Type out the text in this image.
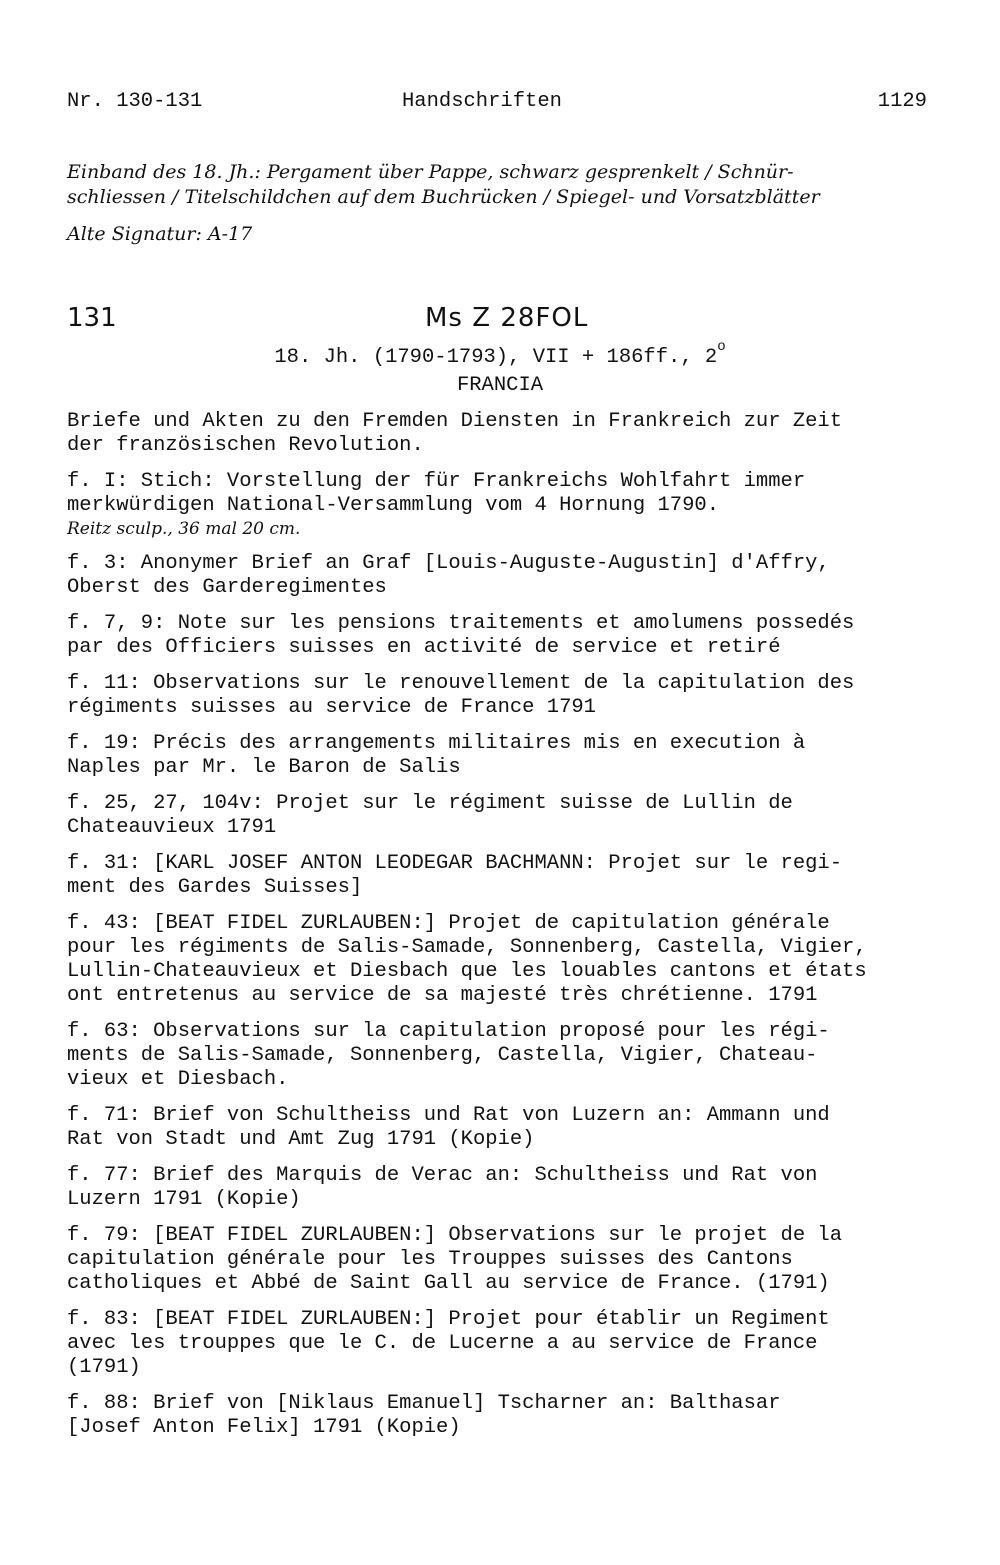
Nr. 130-131	Handschriften	1129
Einband des 18. Jh.: Pergament über Pappe, schwarz gesprenkelt / Schnür-
schliessen / Titelschildchen auf dem Buchrücken / Spiegel- und Vorsatzblätter
Alte Signatur: A-17
131	Ms Z 28FOL
18. Jh. (1790-1793), VII + 186ff., 2$^o$
FRANCIA
Briefe und Akten zu den Fremden Diensten in Frankreich zur Zeit
der französischen Revolution.
f. I: Stich: Vorstellung der für Frankreichs Wohlfahrt immer
merkwürdigen National-Versammlung vom 4 Hornung 1790.
Reitz sculp., 36 mal 20 cm.
f. 3: Anonymer Brief an Graf [Louis-Auguste-Augustin] d'Affry,
Oberst des Garderegimentes
f. 7, 9: Note sur les pensions traitements et amolumens possedés
par des Officiers suisses en activité de service et retiré
f. 11: Observations sur le renouvellement de la capitulation des
régiments suisses au service de France 1791
f. 19: Précis des arrangements militaires mis en execution à
Naples par Mr. le Baron de Salis
f. 25, 27, 104v: Projet sur le régiment suisse de Lullin de
Chateauvieux 1791
f. 31: [KARL JOSEF ANTON LEODEGAR BACHMANN: Projet sur le regi-
ment des Gardes Suisses]
f. 43: [BEAT FIDEL ZURLAUBEN:] Projet de capitulation générale
pour les régiments de Salis-Samade, Sonnenberg, Castella, Vigier,
Lullin-Chateauvieux et Diesbach que les louables cantons et états
ont entretenus au service de sa majesté très chrétienne. 1791
f. 63: Observations sur la capitulation proposé pour les régi-
ments de Salis-Samade, Sonnenberg, Castella, Vigier, Chateau-
vieux et Diesbach.
f. 71: Brief von Schultheiss und Rat von Luzern an: Ammann und
Rat von Stadt und Amt Zug 1791 (Kopie)
f. 77: Brief des Marquis de Verac an: Schultheiss und Rat von
Luzern 1791 (Kopie)
f. 79: [BEAT FIDEL ZURLAUBEN:] Observations sur le projet de la
capitulation générale pour les Trouppes suisses des Cantons
catholiques et Abbé de Saint Gall au service de France. (1791)
f. 83: [BEAT FIDEL ZURLAUBEN:] Projet pour établir un Regiment
avec les trouppes que le C. de Lucerne a au service de France
(1791)
f. 88: Brief von [Niklaus Emanuel] Tscharner an: Balthasar
[Josef Anton Felix] 1791 (Kopie)
